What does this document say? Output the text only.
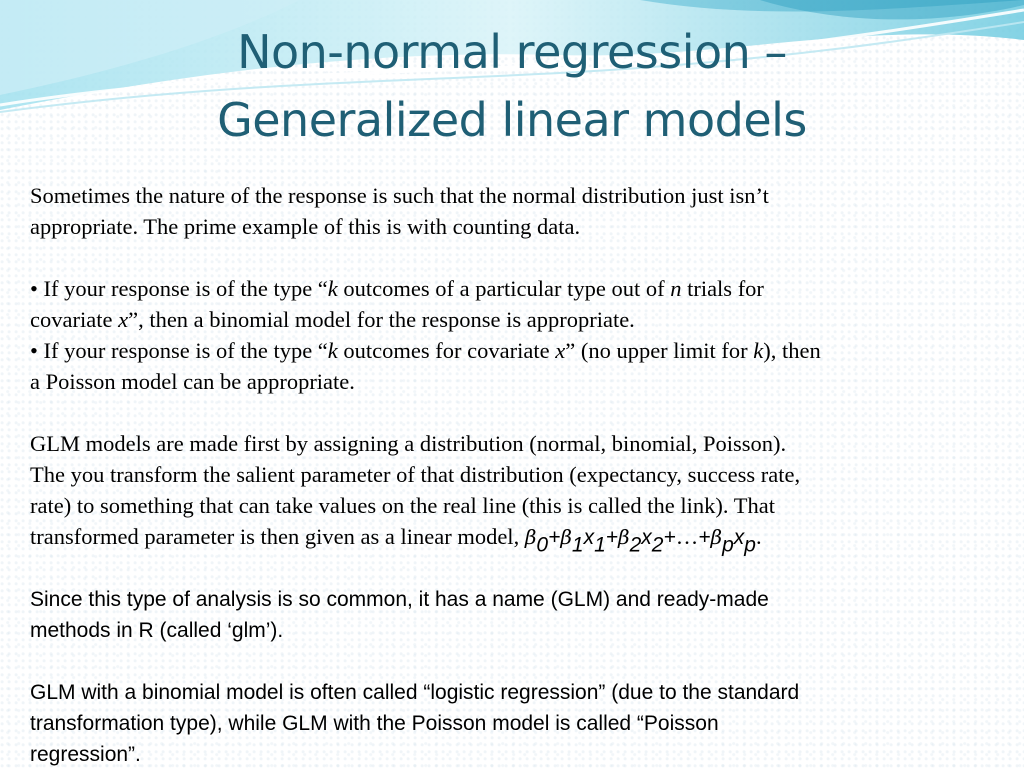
Non-normal regression –
Generalized linear models

Sometimes the nature of the response is such that the normal distribution just isn’t

appropriate. The prime example of this is with counting data.

• If your response is of the type “k outcomes of a particular type out of n trials for

covariate x”, then a binomial model for the response is appropriate.

• If your response is of the type “k outcomes for covariate x” (no upper limit for k), then

a Poisson model can be appropriate.

GLM models are made first by assigning a distribution (normal, binomial, Poisson).

The you transform the salient parameter of that distribution (expectancy, success rate,

rate) to something that can take values on the real line (this is called the link). That

transformed parameter is then given as a linear model, $\beta_0+\beta_1x_1+\beta_2x_2+\dots+\beta_px_p$.

Since this type of analysis is so common, it has a name (GLM) and ready-made

methods in R (called ‘glm’).

GLM with a binomial model is often called “logistic regression” (due to the standard

transformation type), while GLM with the Poisson model is called “Poisson

regression”.
